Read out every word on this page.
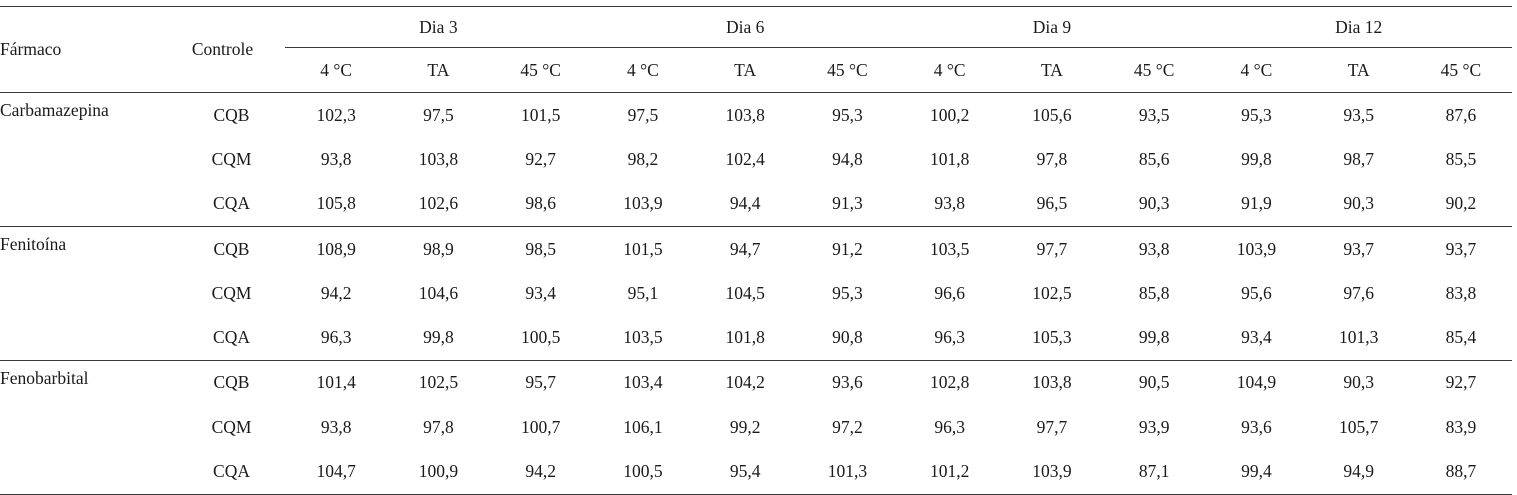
Fármaco	Controle	Dia 3			Dia 6			Dia 9			Dia 12		
		4 °C	TA	45 °C	4 °C	TA	45 °C	4 °C	TA	45 °C	4 °C	TA	45 °C
Carbamazepina	CQB	102,3	97,5	101,5	97,5	103,8	95,3	100,2	105,6	93,5	95,3	93,5	87,6
	CQM	93,8	103,8	92,7	98,2	102,4	94,8	101,8	97,8	85,6	99,8	98,7	85,5
	CQA	105,8	102,6	98,6	103,9	94,4	91,3	93,8	96,5	90,3	91,9	90,3	90,2
Fenitoína	CQB	108,9	98,9	98,5	101,5	94,7	91,2	103,5	97,7	93,8	103,9	93,7	93,7
	CQM	94,2	104,6	93,4	95,1	104,5	95,3	96,6	102,5	85,8	95,6	97,6	83,8
	CQA	96,3	99,8	100,5	103,5	101,8	90,8	96,3	105,3	99,8	93,4	101,3	85,4
Fenobarbital	CQB	101,4	102,5	95,7	103,4	104,2	93,6	102,8	103,8	90,5	104,9	90,3	92,7
	CQM	93,8	97,8	100,7	106,1	99,2	97,2	96,3	97,7	93,9	93,6	105,7	83,9
	CQA	104,7	100,9	94,2	100,5	95,4	101,3	101,2	103,9	87,1	99,4	94,9	88,7
